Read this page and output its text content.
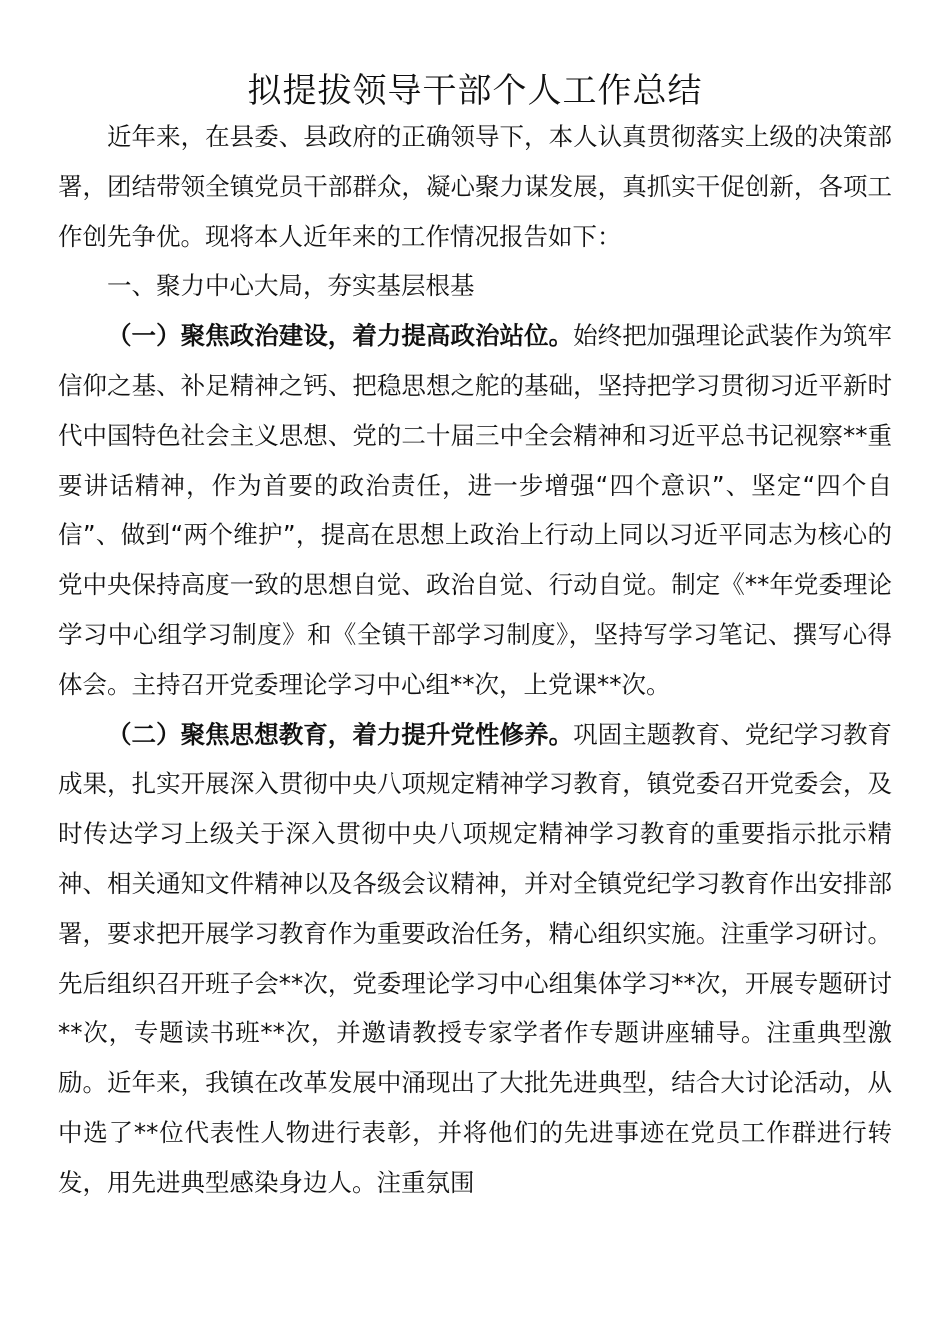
拟提拔领导干部个人工作总结

近年来，在县委、县政府的正确领导下，本人认真贯彻落实上级的决策部署，团结带领全镇党员干部群众，凝心聚力谋发展，真抓实干促创新，各项工作创先争优。现将本人近年来的工作情况报告如下：

一、聚力中心大局，夯实基层根基

（一）聚焦政治建设，着力提高政治站位。始终把加强理论武装作为筑牢信仰之基、补足精神之钙、把稳思想之舵的基础，坚持把学习贯彻习近平新时代中国特色社会主义思想、党的二十届三中全会精神和习近平总书记视察**重要讲话精神，作为首要的政治责任，进一步增强“四个意识”、坚定“四个自信”、做到“两个维护”，提高在思想上政治上行动上同以习近平同志为核心的党中央保持高度一致的思想自觉、政治自觉、行动自觉。制定《**年党委理论学习中心组学习制度》和《全镇干部学习制度》，坚持写学习笔记、撰写心得体会。主持召开党委理论学习中心组**次，上党课**次。

（二）聚焦思想教育，着力提升党性修养。巩固主题教育、党纪学习教育成果，扎实开展深入贯彻中央八项规定精神学习教育，镇党委召开党委会，及时传达学习上级关于深入贯彻中央八项规定精神学习教育的重要指示批示精神、相关通知文件精神以及各级会议精神，并对全镇党纪学习教育作出安排部署，要求把开展学习教育作为重要政治任务，精心组织实施。注重学习研讨。先后组织召开班子会**次，党委理论学习中心组集体学习**次，开展专题研讨**次，专题读书班**次，并邀请教授专家学者作专题讲座辅导。注重典型激励。近年来，我镇在改革发展中涌现出了大批先进典型，结合大讨论活动，从中选了**位代表性人物进行表彰，并将他们的先进事迹在党员工作群进行转发，用先进典型感染身边人。注重氛围
